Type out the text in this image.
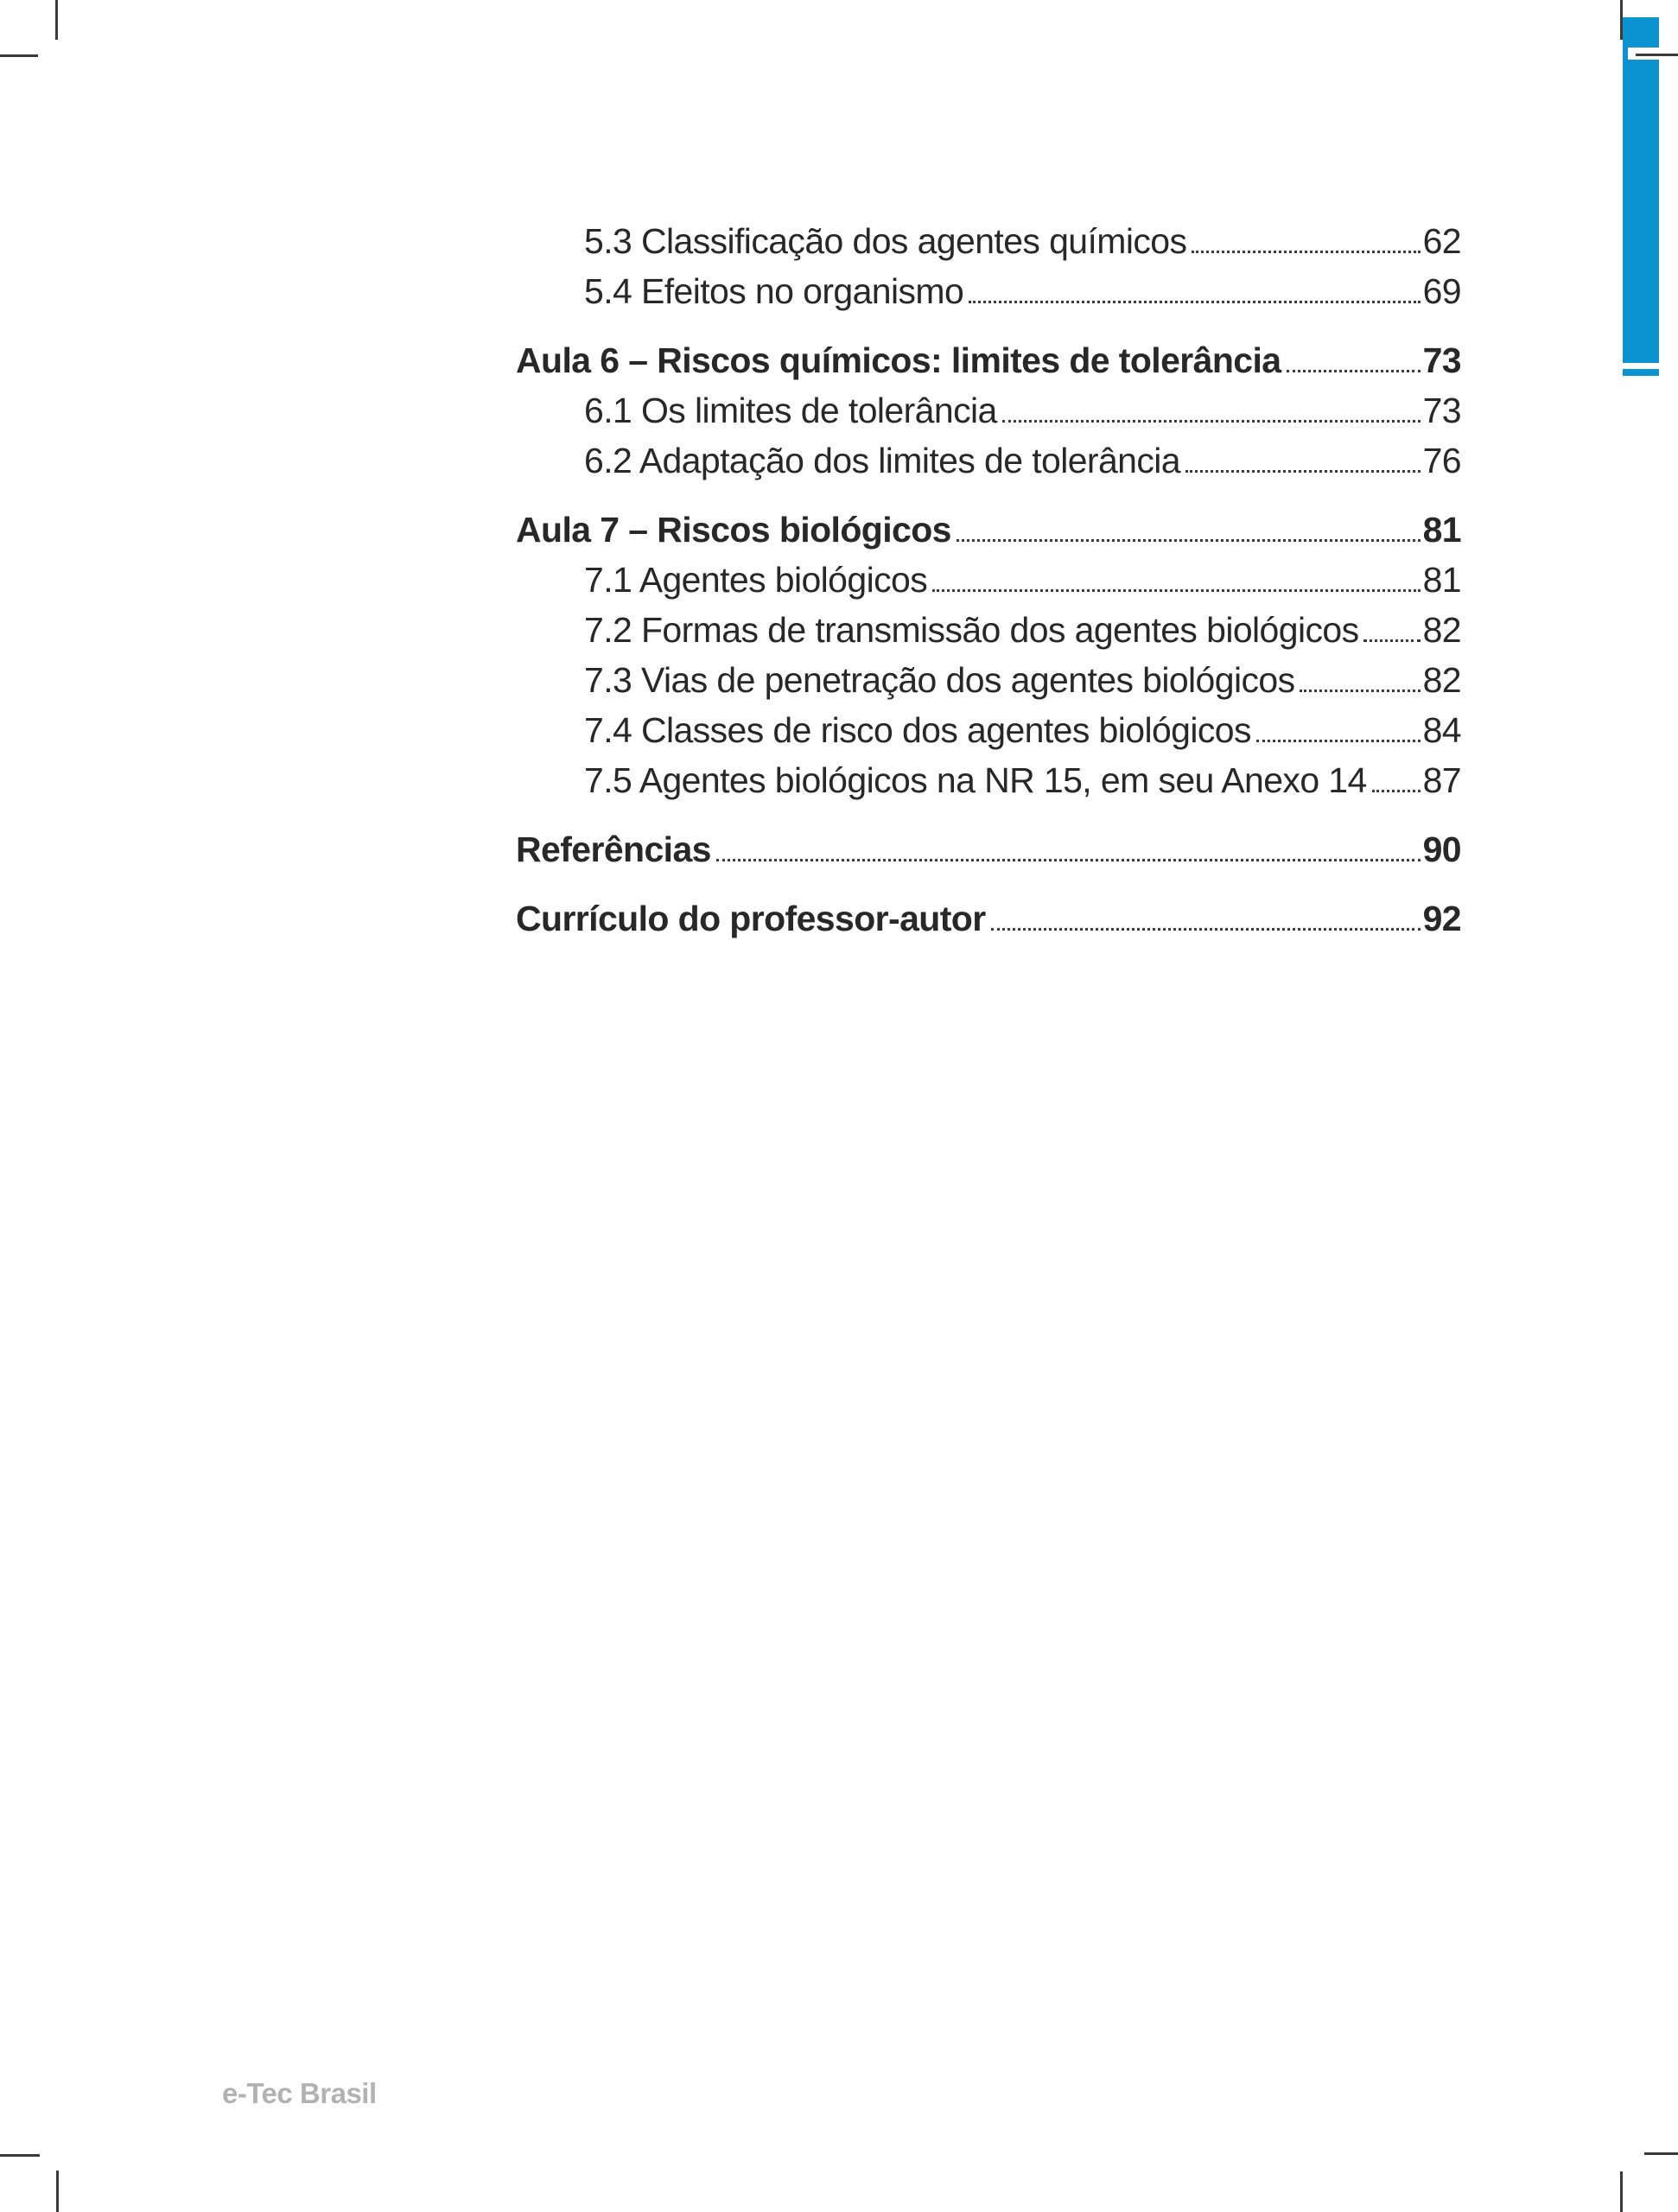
5.3 Classificação dos agentes químicos	62
5.4 Efeitos no organismo	69
Aula 6 – Riscos químicos: limites de tolerância	73
6.1 Os limites de tolerância	73
6.2 Adaptação dos limites de tolerância	76
Aula 7 – Riscos biológicos	81
7.1 Agentes biológicos	81
7.2 Formas de transmissão dos agentes biológicos 82
7.3 Vias de penetração dos agentes biológicos	82
7.4 Classes de risco dos agentes biológicos	84
7.5 Agentes biológicos na NR 15, em seu Anexo 14 87
Referências	90
Currículo do professor-autor	92
e-Tec Brasil
